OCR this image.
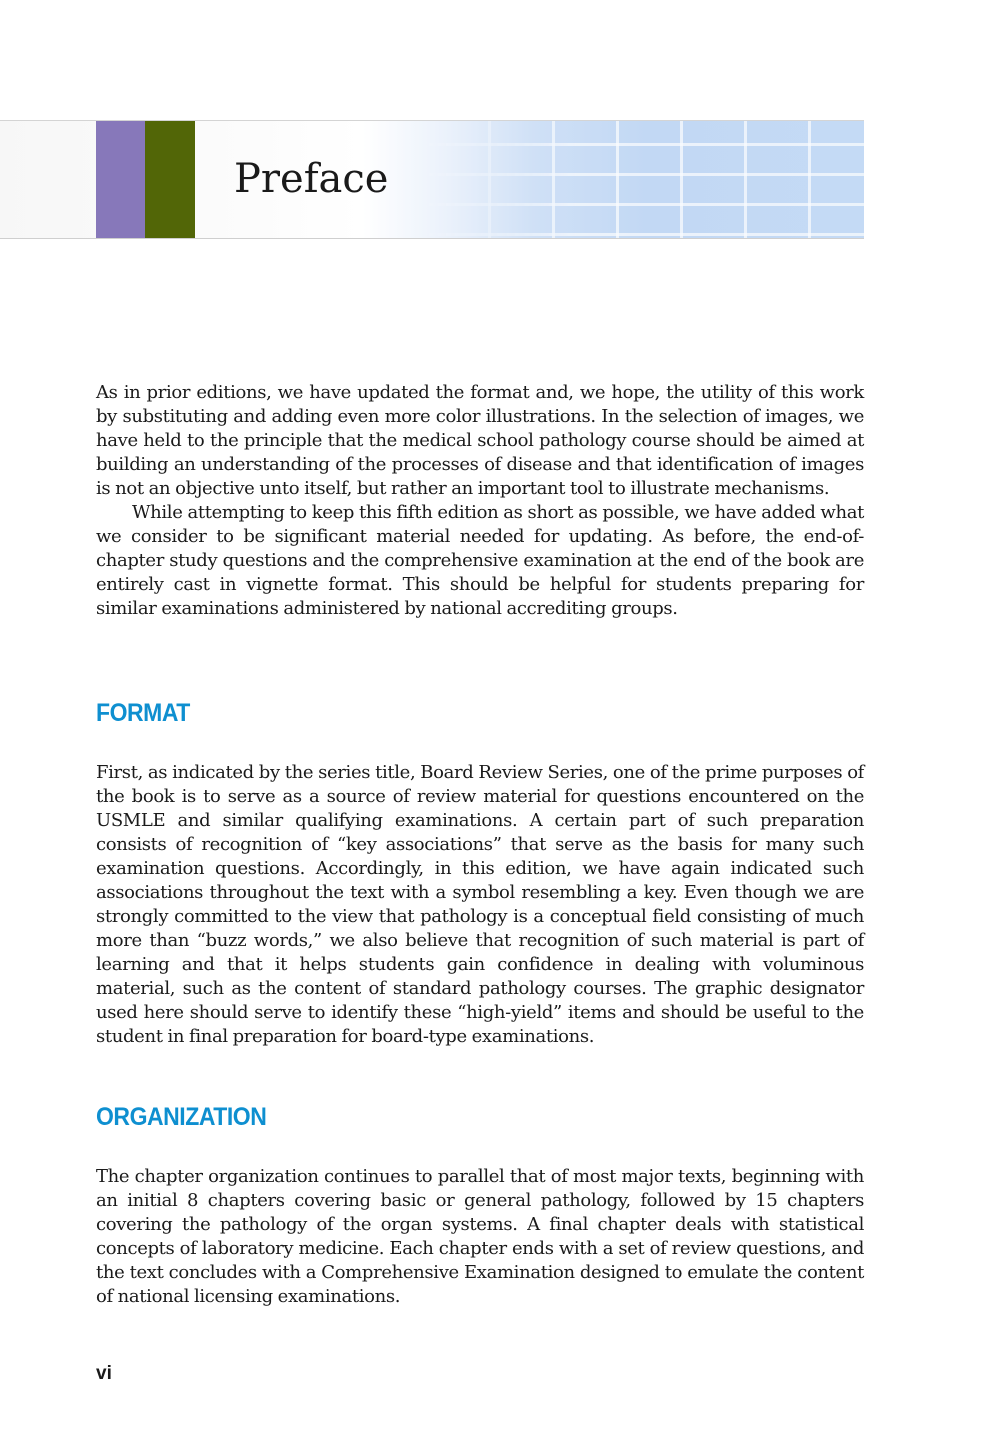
Preface

As in prior editions, we have updated the format and, we hope, the utility of this work by substituting and adding even more color illustrations. In the selection of images, we have held to the principle that the medical school pathology course should be aimed at building an understanding of the processes of disease and that identification of images is not an objective unto itself, but rather an important tool to illustrate mechanisms.

While attempting to keep this fifth edition as short as possible, we have added what we consider to be significant material needed for updating. As before, the end-of-chapter study questions and the comprehensive examination at the end of the book are entirely cast in vignette format. This should be helpful for students preparing for similar examinations administered by national accrediting groups.

FORMAT

First, as indicated by the series title, Board Review Series, one of the prime purposes of the book is to serve as a source of review material for questions encountered on the USMLE and similar qualifying examinations. A certain part of such preparation consists of recognition of “key associations” that serve as the basis for many such examination questions. Accordingly, in this edition, we have again indicated such associations throughout the text with a symbol resembling a key. Even though we are strongly committed to the view that pathology is a conceptual field consisting of much more than “buzz words,” we also believe that recognition of such material is part of learning and that it helps students gain confidence in dealing with voluminous material, such as the content of standard pathology courses. The graphic designator used here should serve to identify these “high-yield” items and should be useful to the student in final preparation for board-type examinations.

ORGANIZATION

The chapter organization continues to parallel that of most major texts, beginning with an initial 8 chapters covering basic or general pathology, followed by 15 chapters covering the pathology of the organ systems. A final chapter deals with statistical concepts of laboratory medicine. Each chapter ends with a set of review questions, and the text concludes with a Comprehensive Examination designed to emulate the content of national licensing examinations.

vi
